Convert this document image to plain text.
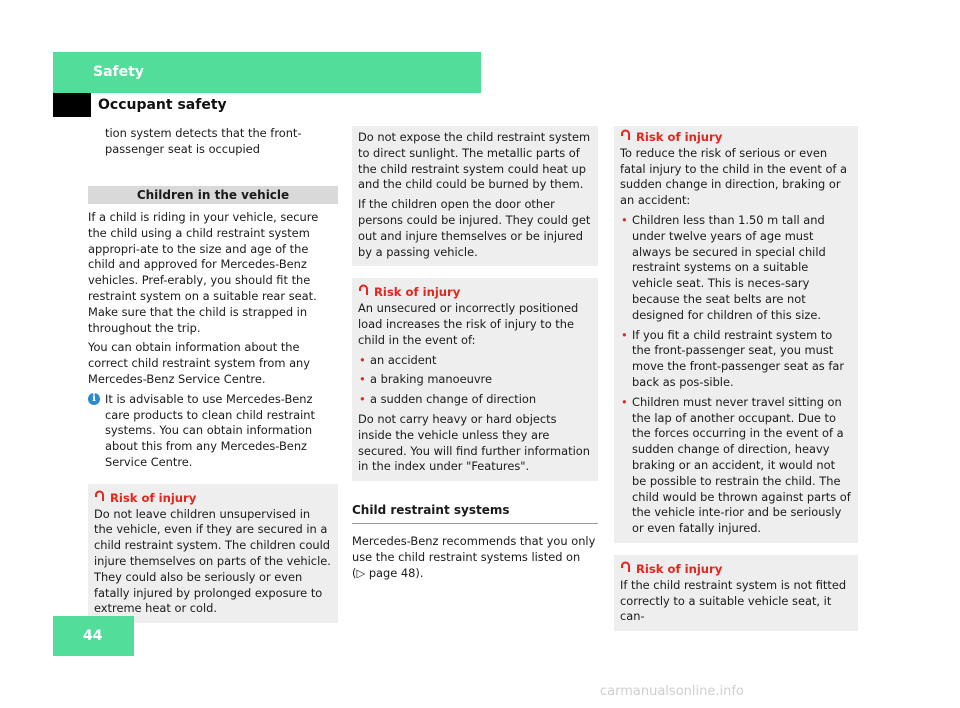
Safety
Occupant safety

tion system detects that the front-passenger seat is occupied

Children in the vehicle

If a child is riding in your vehicle, secure the child using a child restraint system appropri-ate to the size and age of the child and approved for Mercedes-Benz vehicles. Pref-erably, you should fit the restraint system on a suitable rear seat. Make sure that the child is strapped in throughout the trip.

You can obtain information about the correct child restraint system from any Mercedes-Benz Service Centre.

i It is advisable to use Mercedes-Benz care products to clean child restraint systems. You can obtain information about this from any Mercedes-Benz Service Centre.
Risk of injury

Do not leave children unsupervised in the vehicle, even if they are secured in a child restraint system. The children could injure themselves on parts of the vehicle. They could also be seriously or even fatally injured by prolonged exposure to extreme heat or cold.

Do not expose the child restraint system to direct sunlight. The metallic parts of the child restraint system could heat up and the child could be burned by them.

If the children open the door other persons could be injured. They could get out and injure themselves or be injured by a passing vehicle.

Risk of injury

An unsecured or incorrectly positioned load increases the risk of injury to the child in the event of:

• an accident
• a braking manoeuvre
• a sudden change of direction

Do not carry heavy or hard objects inside the vehicle unless they are secured. You will find further information in the index under "Features".

Child restraint systems

Mercedes-Benz recommends that you only use the child restraint systems listed on

(▷ page 48).

Risk of injury

To reduce the risk of serious or even fatal injury to the child in the event of a sudden change in direction, braking or an accident:

• Children less than 1.50 m tall and under twelve years of age must always be secured in special child restraint systems on a suitable vehicle seat. This is neces-sary because the seat belts are not designed for children of this size.
• If you fit a child restraint system to the front-passenger seat, you must move the front-passenger seat as far back as pos-sible.
• Children must never travel sitting on the lap of another occupant. Due to the forces occurring in the event of a sudden change of direction, heavy braking or an accident, it would not be possible to restrain the child. The child would be thrown against parts of the vehicle inte-rior and be seriously or even fatally injured.
Risk of injury

If the child restraint system is not fitted correctly to a suitable vehicle seat, it can-

44
carmanualsonline.info
